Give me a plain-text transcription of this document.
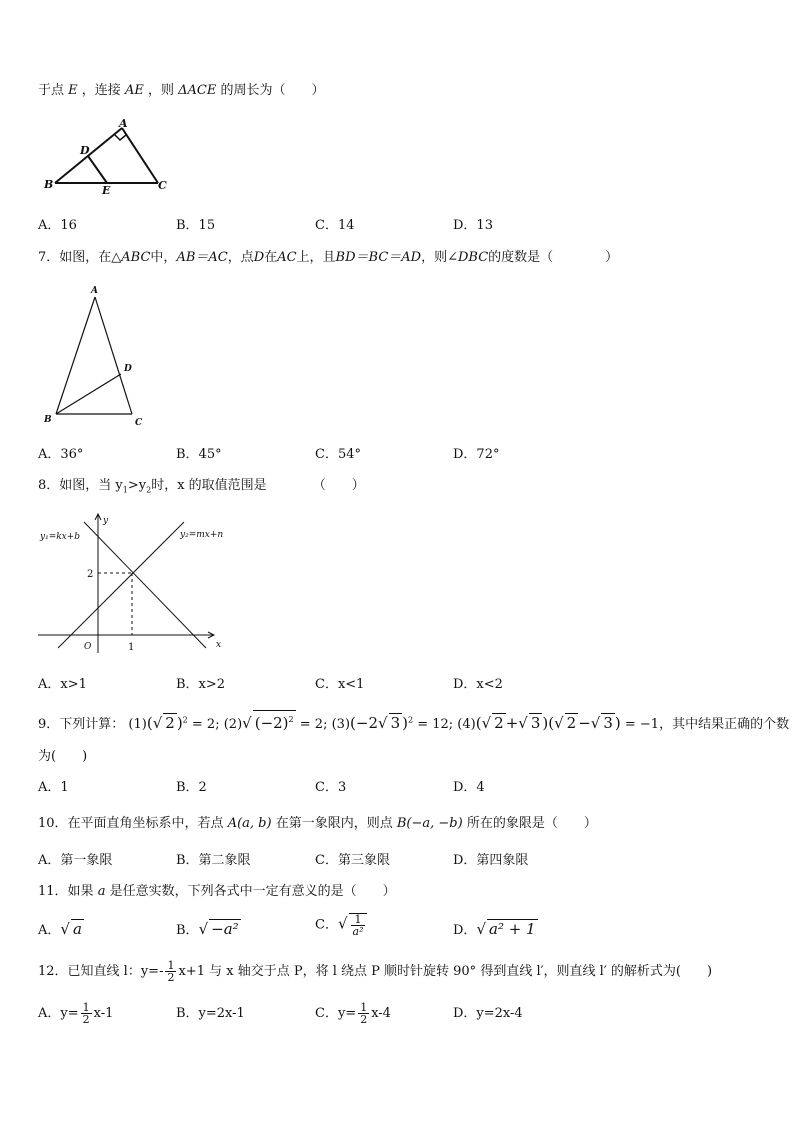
于点 E ，连接 AE ，则 ΔACE 的周长为（　　）
A
D
B	E	C
A．16	B．15	C．14	D．13
7．如图，在△ABC中，AB＝AC，点D在AC上，且BD＝BC＝AD，则∠DBC的度数是（　　　　）
A
D
B	C
A．36°	B．45°	C．54°	D．72°
8．如图，当 $y_1>y_2$时，x 的取值范围是	（　　）
y₁=kx+b	y₂=mx+n
x
y
O	1
2
A．x>1	B．x>2	C．x<1	D．x<2
9．下列计算： (1)(√ 2 )$^2$ = 2; (2)√ $(-2)^2 = 2$; (3)(−2√ 3 )$^2$ = 12; (4)(√ 2 +√ 3 )(√ 2 −√ 3 ) = −1，其中结果正确的个数
为(　　)
A．1	B．2	C．3	D．4
10．在平面直角坐标系中，若点 A(a, b) 在第一象限内，则点 B(−a, −b) 所在的象限是（　　）
A．第一象限	B．第二象限	C．第三象限	D．第四象限
11．如果 a 是任意实数，下列各式中一定有意义的是（　　）
A．√ a	B．√ −a²	C．√ $\frac{1}{\text{a²}}$	D．√ a² + 1
12．已知直线 l：$y=- \frac{1}{2} x+1$ 与 x 轴交于点 P，将 l 绕点 P 顺时针旋转 90° 得到直线 l′，则直线 l′ 的解析式为(　　)
A．$y= \frac{1}{2} x-1$	B．y=2x-1	C．$y= \frac{1}{2} x-4$	D．y=2x-4
